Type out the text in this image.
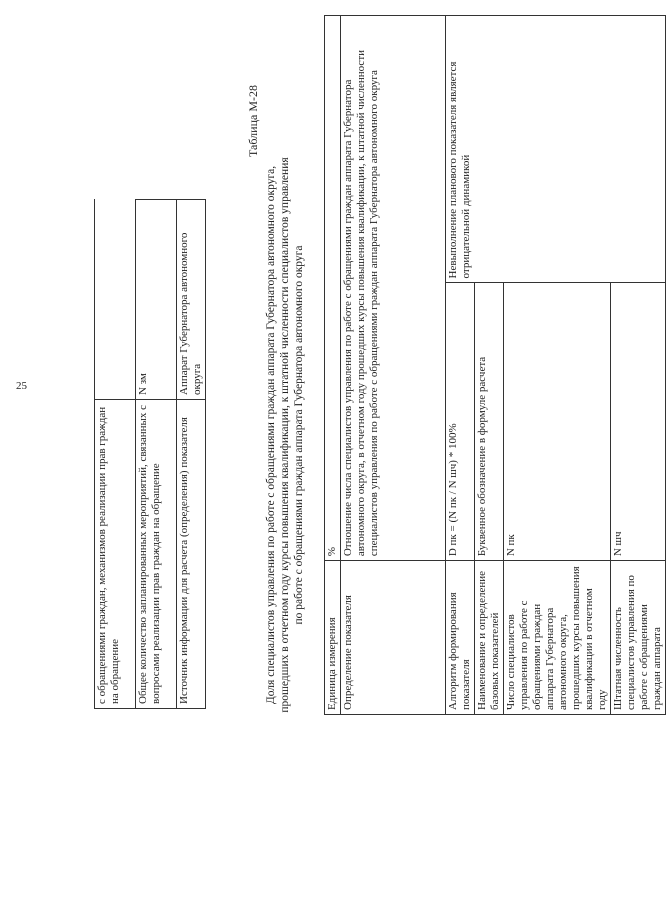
25
с обращениями граждан, механизмов реализации прав граждан на обращение	
Общее количество запланированных мероприятий, связанных с вопросами реализации прав граждан на обращение	N зм
Источник информации для расчета (определения) показателя	Аппарат Губернатора автономного округа
Таблица М-28
Доля специалистов управления по работе с обращениями граждан аппарата Губернатора автономного округа, прошедших в отчетном году курсы повышения квалификации, к штатной численности специалистов управления по работе с обращениями граждан аппарата Губернатора автономного округа
Единица измерения	%	
Определение показателя	Отношение числа специалистов управления по работе с обращениями граждан аппарата Губернатора автономного округа, в отчетном году прошедших курсы повышения квалификации, к штатной численности специалистов управления по работе с обращениями граждан аппарата Губернатора автономного округа	
Алгоритм формирования показателя	D пк = (N пк / N шч) * 100%	Невыполнение планового показателя является отрицательной динамикой
Наименование и определение базовых показателей	Буквенное обозначение в формуле расчета	
Число специалистов управления по работе с обращениями граждан аппарата Губернатора автономного округа, прошедших курсы повышения квалификации в отчетном году	N пк	
Штатная численность специалистов управления по работе с обращениями граждан аппарата	N шч	
